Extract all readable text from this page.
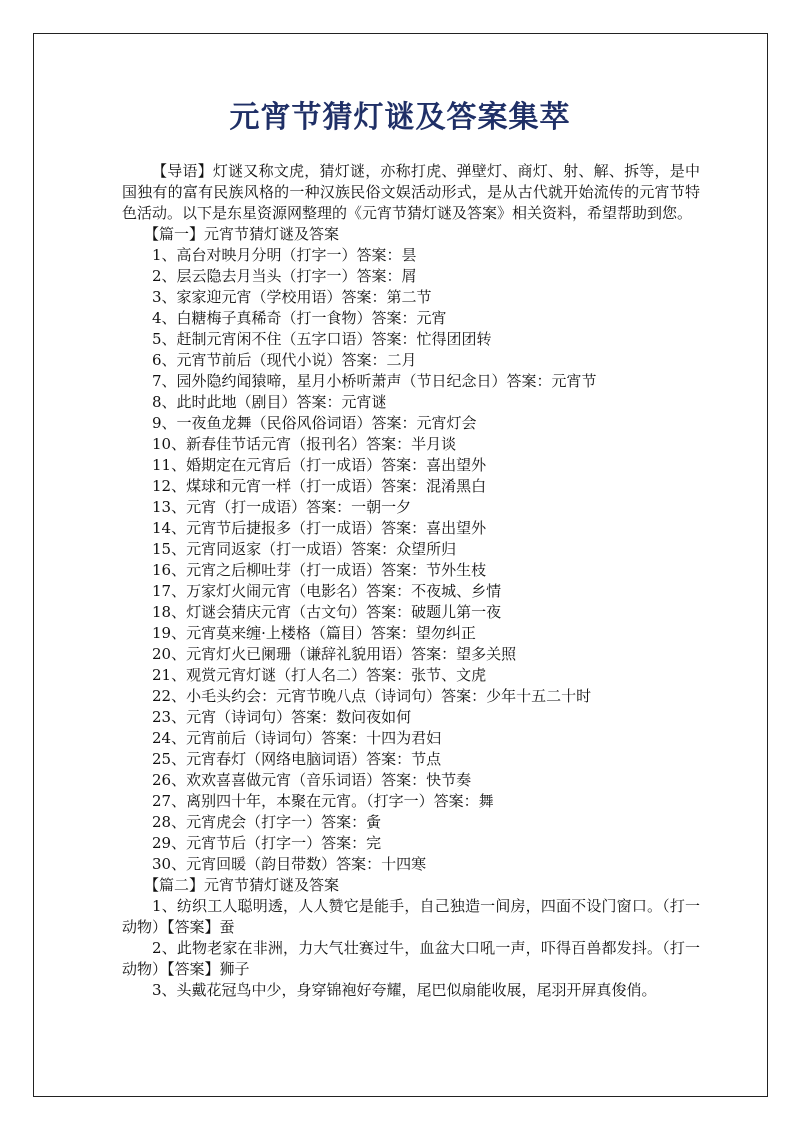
元宵节猜灯谜及答案集萃

【导语】灯谜又称文虎，猜灯谜，亦称打虎、弹壁灯、商灯、射、解、拆等，是中国独有的富有民族风格的一种汉族民俗文娱活动形式，是从古代就开始流传的元宵节特色活动。以下是东星资源网整理的《元宵节猜灯谜及答案》相关资料，希望帮助到您。

【篇一】元宵节猜灯谜及答案

1、高台对映月分明（打字一）答案：昙

2、层云隐去月当头（打字一）答案：屑

3、家家迎元宵（学校用语）答案：第二节

4、白糖梅子真稀奇（打一食物）答案：元宵

5、赶制元宵闲不住（五字口语）答案：忙得团团转

6、元宵节前后（现代小说）答案：二月

7、园外隐约闻猿啼，星月小桥听萧声（节日纪念日）答案：元宵节

8、此时此地（剧目）答案：元宵谜

9、一夜鱼龙舞（民俗风俗词语）答案：元宵灯会

10、新春佳节话元宵（报刊名）答案：半月谈

11、婚期定在元宵后（打一成语）答案：喜出望外

12、煤球和元宵一样（打一成语）答案：混淆黑白

13、元宵（打一成语）答案：一朝一夕

14、元宵节后捷报多（打一成语）答案：喜出望外

15、元宵同返家（打一成语）答案：众望所归

16、元宵之后柳吐芽（打一成语）答案：节外生枝

17、万家灯火闹元宵（电影名）答案：不夜城、乡情

18、灯谜会猜庆元宵（古文句）答案：破题儿第一夜

19、元宵莫来缠·上楼格（篇目）答案：望勿纠正

20、元宵灯火已阑珊（谦辞礼貌用语）答案：望多关照

21、观赏元宵灯谜（打人名二）答案：张节、文虎

22、小毛头约会：元宵节晚八点（诗词句）答案：少年十五二十时

23、元宵（诗词句）答案：数问夜如何

24、元宵前后（诗词句）答案：十四为君妇

25、元宵春灯（网络电脑词语）答案：节点

26、欢欢喜喜做元宵（音乐词语）答案：快节奏

27、离别四十年，本聚在元宵。（打字一）答案：舞

28、元宵虎会（打字一）答案：夤

29、元宵节后（打字一）答案：完

30、元宵回暖（韵目带数）答案：十四寒

【篇二】元宵节猜灯谜及答案

1、纺织工人聪明透，人人赞它是能手，自己独造一间房，四面不设门窗口。（打一动物）【答案】蚕

2、此物老家在非洲，力大气壮赛过牛，血盆大口吼一声，吓得百兽都发抖。（打一动物）【答案】狮子

3、头戴花冠鸟中少，身穿锦袍好夸耀，尾巴似扇能收展，尾羽开屏真俊俏。
